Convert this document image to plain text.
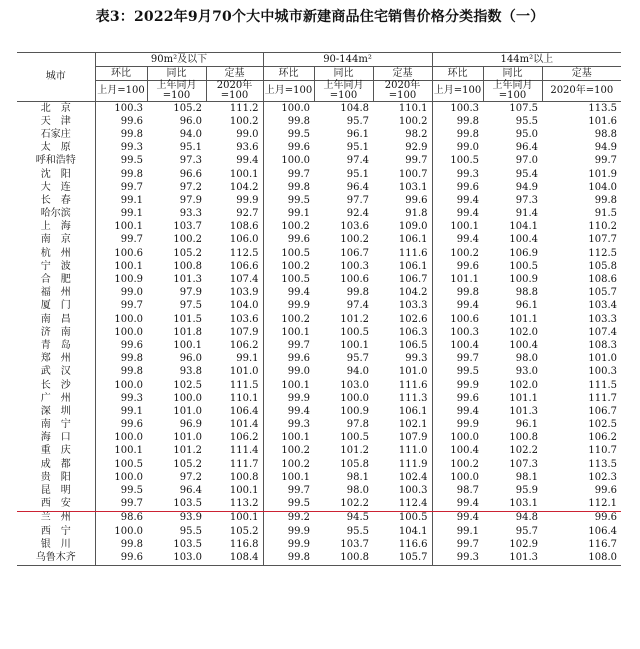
表3：2022年9月70个大中城市新建商品住宅销售价格分类指数（一）
城市	90m²及以下			90-144m²			144m²以上		
	环比	同比	定基	环比	同比	定基	环比	同比	定基
	上月=100	上年同月=100	2020年=100	上月=100	上年同月=100	2020年=100	上月=100	上年同月=100	2020年=100
北　京	100.3	105.2	111.2	100.0	104.8	110.1	100.3	107.5	113.5
天　津	99.6	96.0	100.2	99.8	95.7	100.2	99.8	95.5	101.6
石家庄	99.8	94.0	99.0	99.5	96.1	98.2	99.8	95.0	98.8
太　原	99.3	95.1	93.6	99.6	95.1	92.9	99.0	96.4	94.9
呼和浩特	99.5	97.3	99.4	100.0	97.4	99.7	100.5	97.0	99.7
沈　阳	99.8	96.6	100.1	99.7	95.1	100.7	99.3	95.4	101.9
大　连	99.7	97.2	104.2	99.8	96.4	103.1	99.6	94.9	104.0
长　春	99.1	97.9	99.9	99.5	97.7	99.6	99.4	97.3	99.8
哈尔滨	99.1	93.3	92.7	99.1	92.4	91.8	99.4	91.4	91.5
上　海	100.1	103.7	108.6	100.2	103.6	109.0	100.1	104.1	110.2
南　京	99.7	100.2	106.0	99.6	100.2	106.1	99.4	100.4	107.7
杭　州	100.6	105.2	112.5	100.5	106.7	111.6	100.2	106.9	112.5
宁　波	100.1	100.8	106.6	100.2	100.3	106.1	99.6	100.5	105.8
合　肥	100.9	101.3	107.4	100.5	100.6	106.7	101.1	100.9	108.6
福　州	99.0	97.9	103.9	99.4	99.8	104.2	99.8	98.8	105.7
厦　门	99.7	97.5	104.0	99.9	97.4	103.3	99.4	96.1	103.4
南　昌	100.0	101.5	103.6	100.2	101.2	102.6	100.6	101.1	103.3
济　南	100.0	101.8	107.9	100.1	100.5	106.3	100.3	102.0	107.4
青　岛	99.6	100.1	106.2	99.7	100.1	106.5	100.4	100.4	108.3
郑　州	99.8	96.0	99.1	99.6	95.7	99.3	99.7	98.0	101.0
武　汉	99.8	93.8	101.0	99.0	94.0	101.0	99.5	93.0	100.3
长　沙	100.0	102.5	111.5	100.1	103.0	111.6	99.9	102.0	111.5
广　州	99.3	100.0	110.1	99.9	100.0	111.3	99.6	101.1	111.7
深　圳	99.1	101.0	106.4	99.4	100.9	106.1	99.4	101.3	106.7
南　宁	99.6	96.9	101.4	99.3	97.8	102.1	99.9	96.1	102.5
海　口	100.0	101.0	106.2	100.1	100.5	107.9	100.0	100.8	106.2
重　庆	100.1	101.2	111.4	100.2	101.2	111.0	100.4	102.2	110.7
成　都	100.5	105.2	111.7	100.2	105.8	111.9	100.2	107.3	113.5
贵　阳	100.0	97.2	100.8	100.1	98.1	102.4	100.0	98.1	102.3
昆　明	99.5	96.4	100.1	99.7	98.0	100.3	98.7	95.9	99.6
西　安	99.7	103.5	113.2	99.5	102.2	112.4	99.4	103.1	112.1
兰　州	98.6	93.9	100.1	99.2	94.5	100.5	99.4	94.8	99.6
西　宁	100.0	95.5	105.2	99.9	95.5	104.1	99.1	95.7	106.4
银　川	99.8	103.5	116.8	99.9	103.7	116.6	99.7	102.9	116.7
乌鲁木齐	99.6	103.0	108.4	99.8	100.8	105.7	99.3	101.3	108.0
